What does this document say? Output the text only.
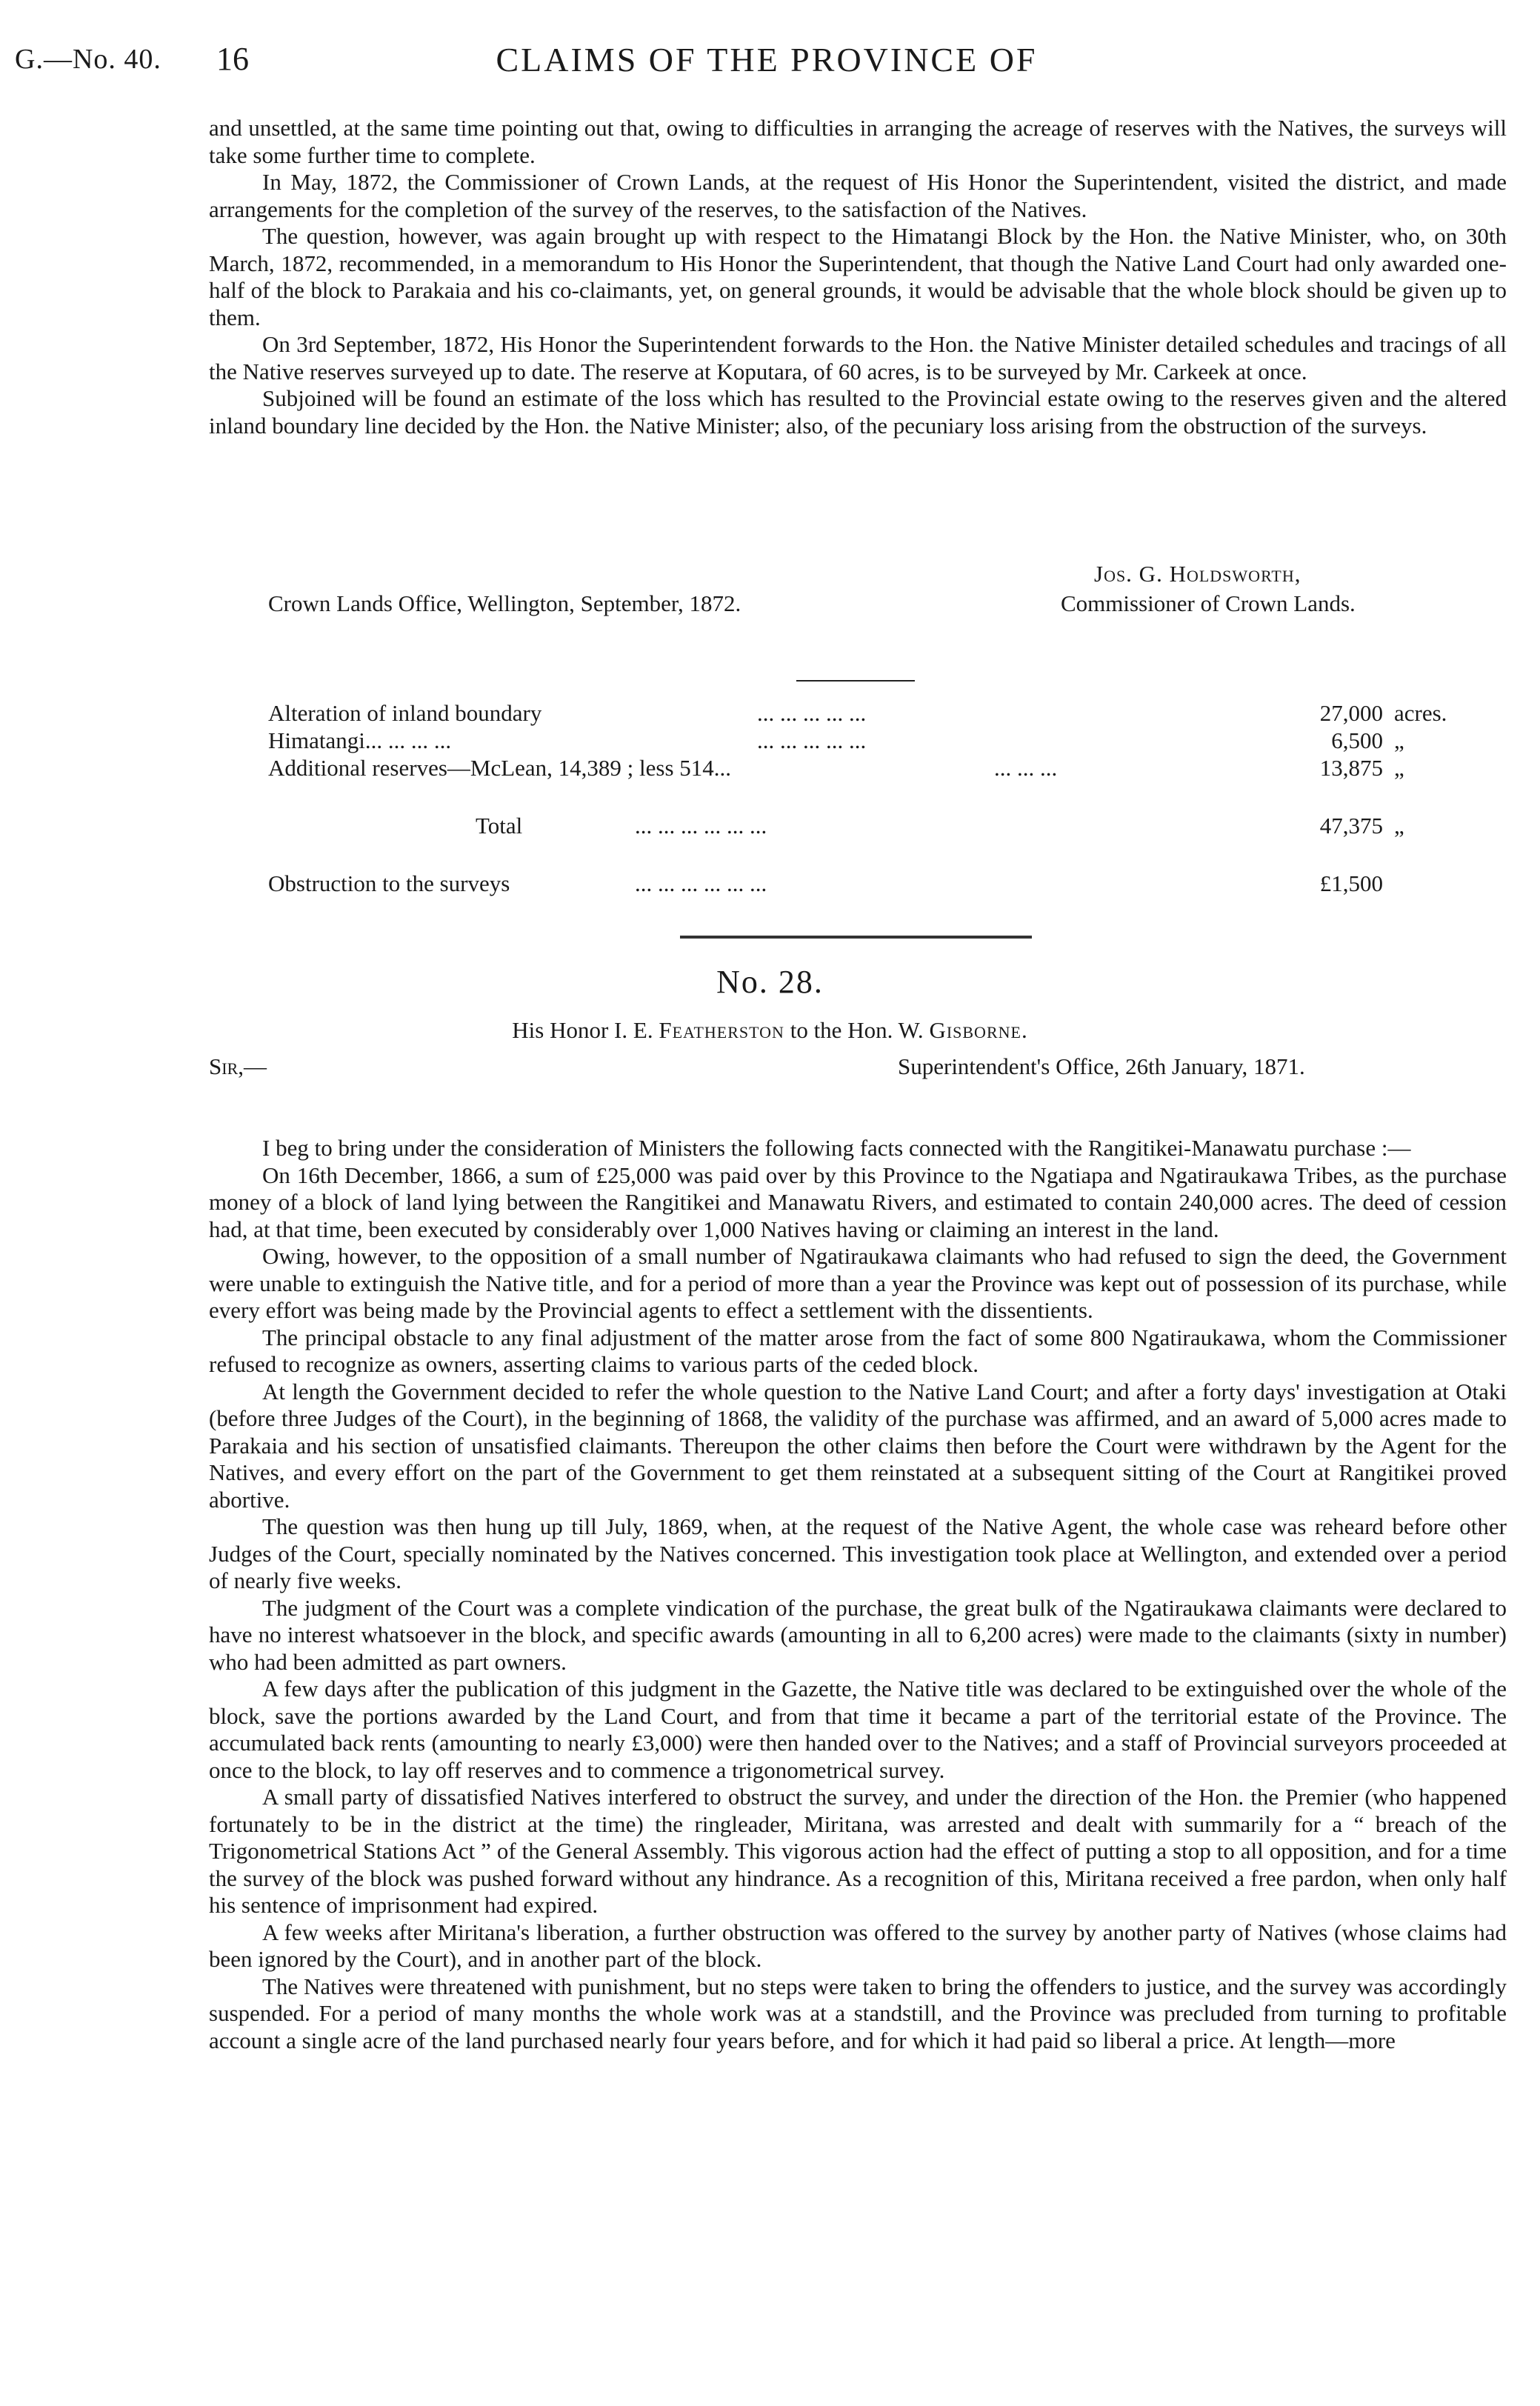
G.—No. 40. 16	CLAIMS OF THE PROVINCE OF

and unsettled, at the same time pointing out that, owing to difficulties in arranging the acreage of reserves with the Natives, the surveys will take some further time to complete.

In May, 1872, the Commissioner of Crown Lands, at the request of His Honor the Superintendent, visited the district, and made arrangements for the completion of the survey of the reserves, to the satisfaction of the Natives.

The question, however, was again brought up with respect to the Himatangi Block by the Hon. the Native Minister, who, on 30th March, 1872, recommended, in a memorandum to His Honor the Superintendent, that though the Native Land Court had only awarded one-half of the block to Parakaia and his co-claimants, yet, on general grounds, it would be advisable that the whole block should be given up to them.

On 3rd September, 1872, His Honor the Superintendent forwards to the Hon. the Native Minister detailed schedules and tracings of all the Native reserves surveyed up to date. The reserve at Koputara, of 60 acres, is to be surveyed by Mr. Carkeek at once.

Subjoined will be found an estimate of the loss which has resulted to the Provincial estate owing to the reserves given and the altered inland boundary line decided by the Hon. the Native Minister; also, of the pecuniary loss arising from the obstruction of the surveys.

Jos. G. Holdsworth,
Crown Lands Office, Wellington, September, 1872.	Commissioner of Crown Lands.
Alteration of inland boundary	... ... ... ... ...	27,000 acres.
Himatangi... ... ... ...	... ... ... ... ...	6,500 „
Additional reserves—McLean, 14,389 ; less 514...	... ... ...	13,875 „
Total	... ... ... ... ... ...	47,375 „
Obstruction to the surveys	... ... ... ... ... ...	£1,500
No. 28.
His Honor I. E. Featherston to the Hon. W. Gisborne.
Sir,—	Superintendent's Office, 26th January, 1871.

I beg to bring under the consideration of Ministers the following facts connected with the Rangitikei-Manawatu purchase :—

On 16th December, 1866, a sum of £25,000 was paid over by this Province to the Ngatiapa and Ngatiraukawa Tribes, as the purchase money of a block of land lying between the Rangitikei and Manawatu Rivers, and estimated to contain 240,000 acres. The deed of cession had, at that time, been executed by considerably over 1,000 Natives having or claiming an interest in the land.

Owing, however, to the opposition of a small number of Ngatiraukawa claimants who had refused to sign the deed, the Government were unable to extinguish the Native title, and for a period of more than a year the Province was kept out of possession of its purchase, while every effort was being made by the Provincial agents to effect a settlement with the dissentients.

The principal obstacle to any final adjustment of the matter arose from the fact of some 800 Ngatiraukawa, whom the Commissioner refused to recognize as owners, asserting claims to various parts of the ceded block.

At length the Government decided to refer the whole question to the Native Land Court; and after a forty days' investigation at Otaki (before three Judges of the Court), in the beginning of 1868, the validity of the purchase was affirmed, and an award of 5,000 acres made to Parakaia and his section of unsatisfied claimants. Thereupon the other claims then before the Court were withdrawn by the Agent for the Natives, and every effort on the part of the Government to get them reinstated at a subsequent sitting of the Court at Rangitikei proved abortive.

The question was then hung up till July, 1869, when, at the request of the Native Agent, the whole case was reheard before other Judges of the Court, specially nominated by the Natives concerned. This investigation took place at Wellington, and extended over a period of nearly five weeks.

The judgment of the Court was a complete vindication of the purchase, the great bulk of the Ngatiraukawa claimants were declared to have no interest whatsoever in the block, and specific awards (amounting in all to 6,200 acres) were made to the claimants (sixty in number) who had been admitted as part owners.

A few days after the publication of this judgment in the Gazette, the Native title was declared to be extinguished over the whole of the block, save the portions awarded by the Land Court, and from that time it became a part of the territorial estate of the Province. The accumulated back rents (amounting to nearly £3,000) were then handed over to the Natives; and a staff of Provincial surveyors proceeded at once to the block, to lay off reserves and to commence a trigonometrical survey.

A small party of dissatisfied Natives interfered to obstruct the survey, and under the direction of the Hon. the Premier (who happened fortunately to be in the district at the time) the ringleader, Miritana, was arrested and dealt with summarily for a “ breach of the Trigonometrical Stations Act ” of the General Assembly. This vigorous action had the effect of putting a stop to all opposition, and for a time the survey of the block was pushed forward without any hindrance. As a recognition of this, Miritana received a free pardon, when only half his sentence of imprisonment had expired.

A few weeks after Miritana's liberation, a further obstruction was offered to the survey by another party of Natives (whose claims had been ignored by the Court), and in another part of the block.

The Natives were threatened with punishment, but no steps were taken to bring the offenders to justice, and the survey was accordingly suspended. For a period of many months the whole work was at a standstill, and the Province was precluded from turning to profitable account a single acre of the land purchased nearly four years before, and for which it had paid so liberal a price. At length—more
